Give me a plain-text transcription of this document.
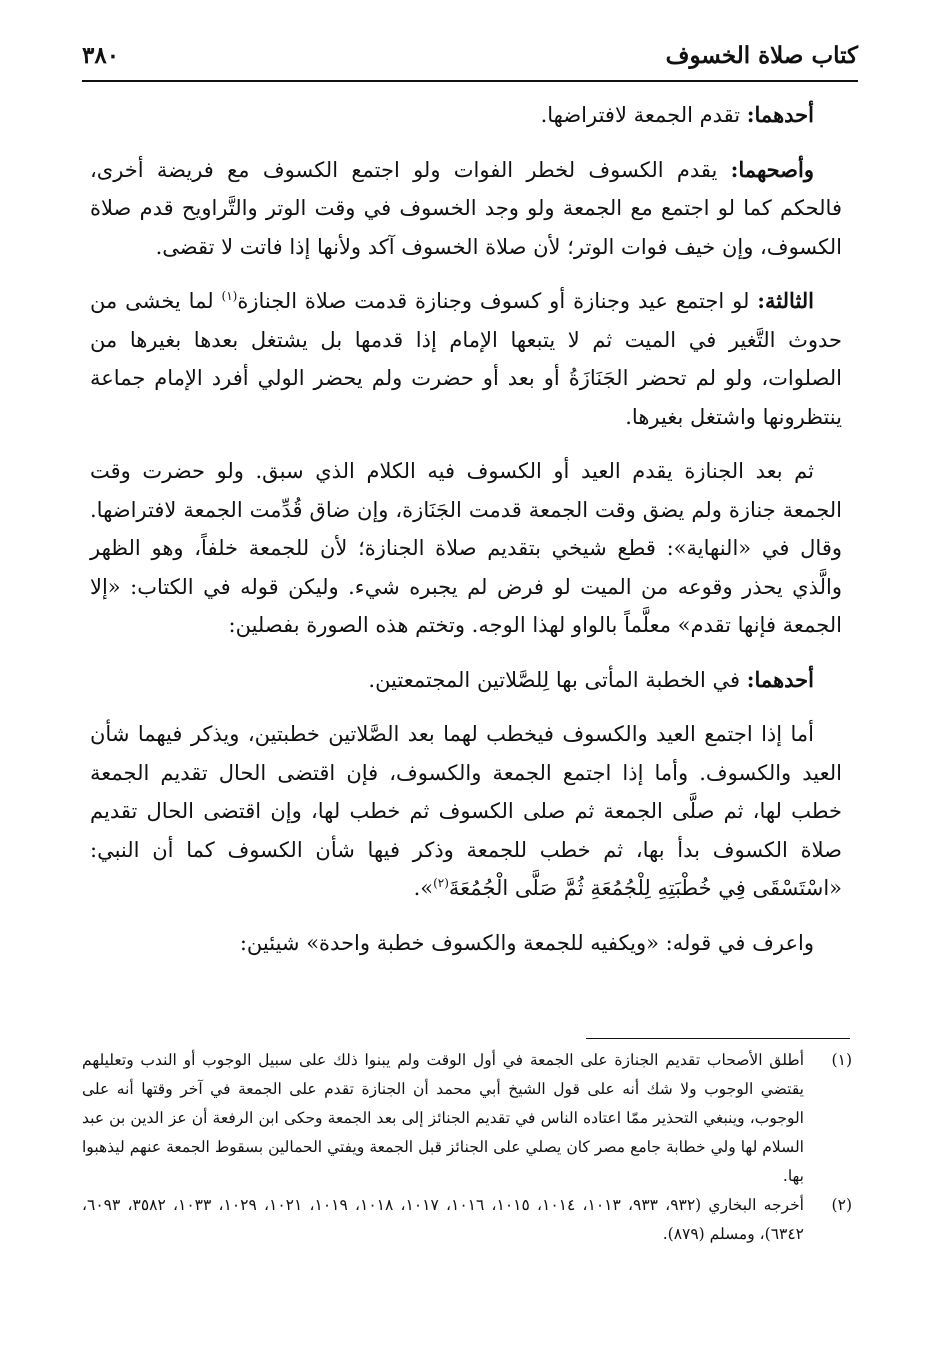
كتاب صلاة الخسوف
٣٨٠

أحدهما: تقدم الجمعة لافتراضها.

وأصحهما: يقدم الكسوف لخطر الفوات ولو اجتمع الكسوف مع فريضة أخرى، فالحكم كما لو اجتمع مع الجمعة ولو وجد الخسوف في وقت الوتر والتَّراويح قدم صلاة الكسوف، وإن خيف فوات الوتر؛ لأن صلاة الخسوف آكد ولأنها إذا فاتت لا تقضى.

الثالثة: لو اجتمع عيد وجنازة أو كسوف وجنازة قدمت صلاة الجنازة$^{(١)}$ لما يخشى من حدوث التَّغير في الميت ثم لا يتبعها الإمام إذا قدمها بل يشتغل بعدها بغيرها من الصلوات، ولو لم تحضر الجَنَازَةُ أو بعد أو حضرت ولم يحضر الولي أفرد الإمام جماعة ينتظرونها واشتغل بغيرها.

ثم بعد الجنازة يقدم العيد أو الكسوف فيه الكلام الذي سبق. ولو حضرت وقت الجمعة جنازة ولم يضق وقت الجمعة قدمت الجَنَازة، وإن ضاق قُدِّمت الجمعة لافتراضها. وقال في «النهاية»: قطع شيخي بتقديم صلاة الجنازة؛ لأن للجمعة خلفاً، وهو الظهر والَّذي يحذر وقوعه من الميت لو فرض لم يجبره شيء. وليكن قوله في الكتاب: «إلا الجمعة فإنها تقدم» معلَّماً بالواو لهذا الوجه. وتختم هذه الصورة بفصلين:

أحدهما: في الخطبة المأتى بها لِلصَّلاتين المجتمعتين.

أما إذا اجتمع العيد والكسوف فيخطب لهما بعد الصَّلاتين خطبتين، ويذكر فيهما شأن العيد والكسوف. وأما إذا اجتمع الجمعة والكسوف، فإن اقتضى الحال تقديم الجمعة خطب لها، ثم صلَّى الجمعة ثم صلى الكسوف ثم خطب لها، وإن اقتضى الحال تقديم صلاة الكسوف بدأ بها، ثم خطب للجمعة وذكر فيها شأن الكسوف كما أن النبي: «اسْتَسْقَى فِي خُطْبَتِهِ لِلْجُمُعَةِ ثُمَّ صَلَّى الْجُمُعَةَ$^{(٢)}$».

واعرف في قوله: «ويكفيه للجمعة والكسوف خطبة واحدة» شيئين:

(١)
أطلق الأصحاب تقديم الجنازة على الجمعة في أول الوقت ولم يبنوا ذلك على سبيل الوجوب أو الندب وتعليلهم يقتضي الوجوب ولا شك أنه على قول الشيخ أبي محمد أن الجنازة تقدم على الجمعة في آخر وقتها أنه على الوجوب، وينبغي التحذير ممّا اعتاده الناس في تقديم الجنائز إلى بعد الجمعة وحكى ابن الرفعة أن عز الدين بن عبد السلام لها ولي خطابة جامع مصر كان يصلي على الجنائز قبل الجمعة ويفتي الحمالين بسقوط الجمعة عنهم ليذهبوا بها.
(٢)
أخرجه البخاري (٩٣٢، ٩٣٣، ١٠١٣، ١٠١٤، ١٠١٥، ١٠١٦، ١٠١٧، ١٠١٨، ١٠١٩، ١٠٢١، ١٠٢٩، ١٠٣٣، ٣٥٨٢، ٦٠٩٣، ٦٣٤٢)، ومسلم (٨٧٩).
